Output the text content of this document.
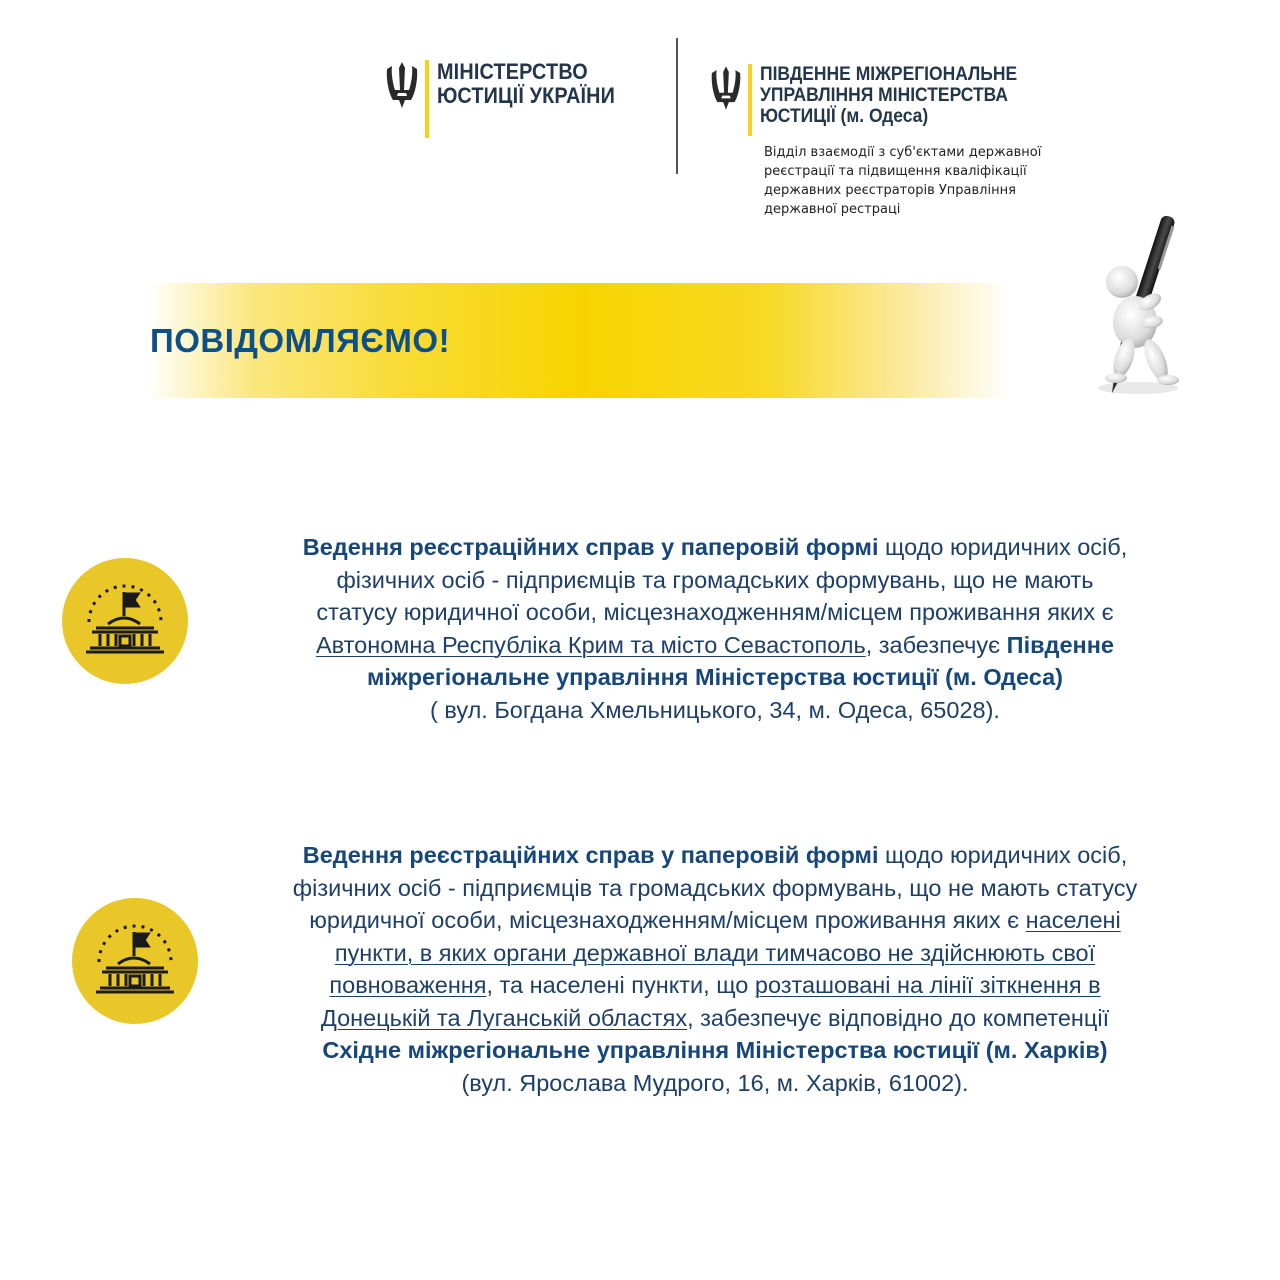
МІНІСТЕРСТВО
ЮСТИЦІЇ УКРАЇНИ
ПІВДЕННЕ МІЖРЕГІОНАЛЬНЕ
УПРАВЛІННЯ МІНІСТЕРСТВА
ЮСТИЦІЇ (м. Одеса)
Відділ взаємодії з суб'єктами державної
реєстрації та підвищення кваліфікації
державних реєстраторів Управління
державної рестраці
ПОВІДОМЛЯЄМО!
Ведення реєстраційних справ у паперовій формі щодо юридичних осіб,
фізичних осіб - підприємців та громадських формувань, що не мають
статусу юридичної особи, місцезнаходженням/місцем проживання яких є
Автономна Республіка Крим та місто Севастополь, забезпечує Південне
міжрегіональне управління Міністерства юстиції (м. Одеса)
( вул. Богдана Хмельницького, 34, м. Одеса, 65028).
Ведення реєстраційних справ у паперовій формі щодо юридичних осіб,
фізичних осіб - підприємців та громадських формувань, що не мають статусу
юридичної особи, місцезнаходженням/місцем проживання яких є населені
пункти, в яких органи державної влади тимчасово не здійснюють свої
повноваження, та населені пункти, що розташовані на лінії зіткнення в
Донецькій та Луганській областях, забезпечує відповідно до компетенції
Східне міжрегіональне управління Міністерства юстиції (м. Харків)
(вул. Ярослава Мудрого, 16, м. Харків, 61002).
